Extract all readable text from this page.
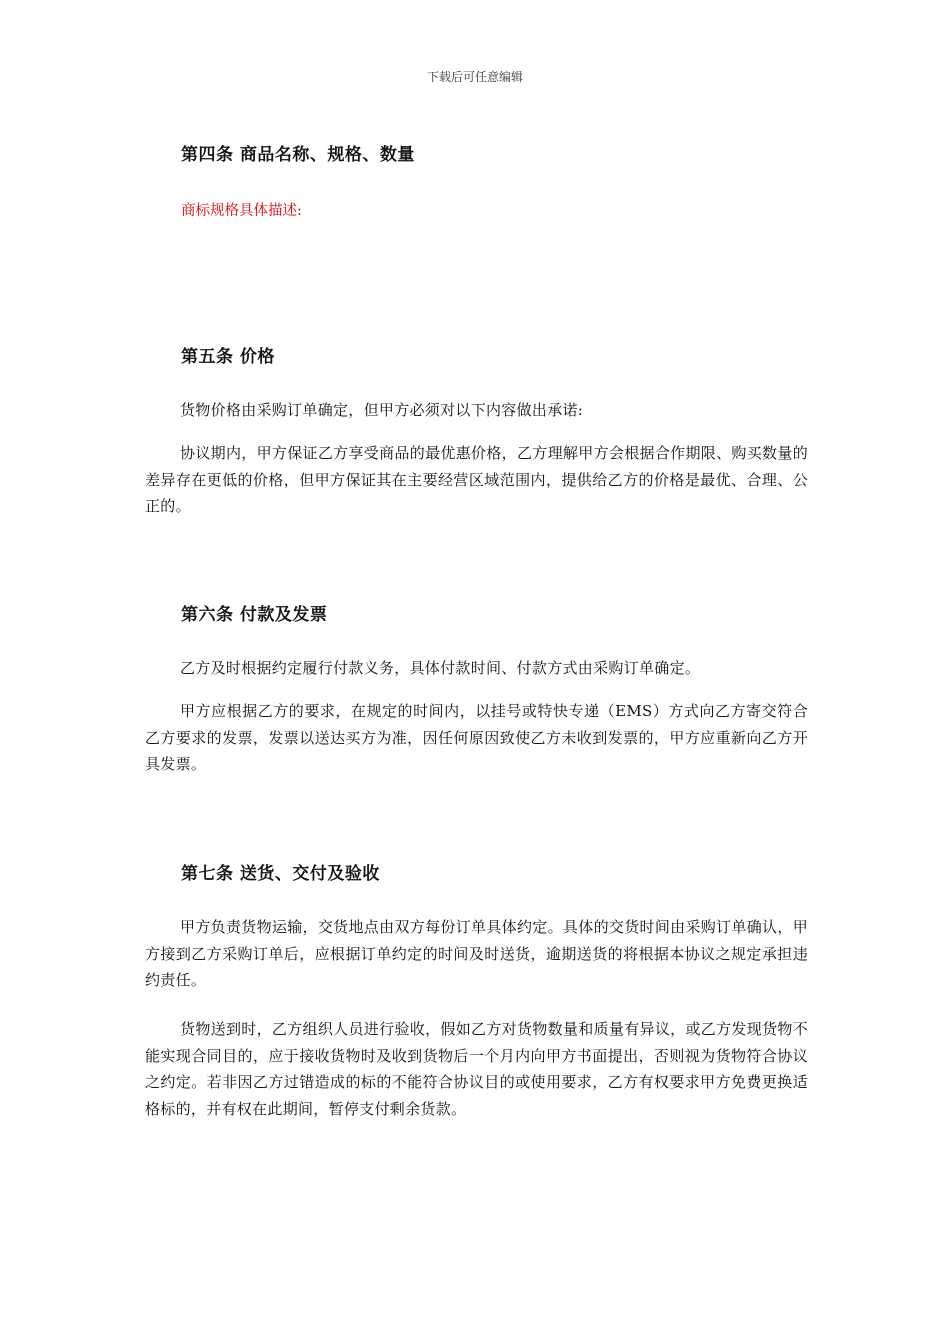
下载后可任意编辑
第四条 商品名称、规格、数量
商标规格具体描述:
第五条 价格
货物价格由采购订单确定，但甲方必须对以下内容做出承诺:
协议期内，甲方保证乙方享受商品的最优惠价格，乙方理解甲方会根据合作期限、购买数量的差异存在更低的价格，但甲方保证其在主要经营区域范围内，提供给乙方的价格是最优、合理、公正的。
第六条 付款及发票
乙方及时根据约定履行付款义务，具体付款时间、付款方式由采购订单确定。
甲方应根据乙方的要求，在规定的时间内，以挂号或特快专递（EMS）方式向乙方寄交符合乙方要求的发票，发票以送达买方为准，因任何原因致使乙方未收到发票的，甲方应重新向乙方开具发票。
第七条 送货、交付及验收
甲方负责货物运输，交货地点由双方每份订单具体约定。具体的交货时间由采购订单确认，甲方接到乙方采购订单后，应根据订单约定的时间及时送货，逾期送货的将根据本协议之规定承担违约责任。
货物送到时，乙方组织人员进行验收，假如乙方对货物数量和质量有异议，或乙方发现货物不能实现合同目的，应于接收货物时及收到货物后一个月内向甲方书面提出，否则视为货物符合协议之约定。若非因乙方过错造成的标的不能符合协议目的或使用要求，乙方有权要求甲方免费更换适格标的，并有权在此期间，暂停支付剩余货款。
